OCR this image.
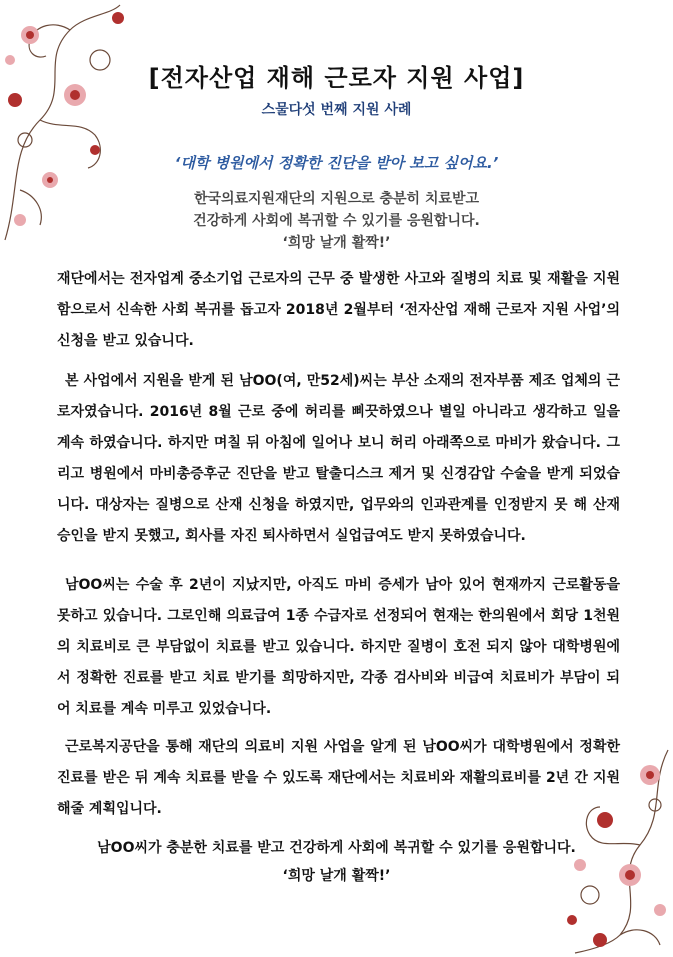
[전자산업 재해 근로자 지원 사업]
스물다섯 번째 지원 사례
‘대학 병원에서 정확한 진단을 받아 보고 싶어요.’
한국의료지원재단의 지원으로 충분히 치료받고
건강하게 사회에 복귀할 수 있기를 응원합니다.
‘희망 날개 활짝!’
재단에서는 전자업계 중소기업 근로자의 근무 중 발생한 사고와 질병의 치료 및 재활을 지원함으로서 신속한 사회 복귀를 돕고자 2018년 2월부터 ‘전자산업 재해 근로자 지원 사업’의 신청을 받고 있습니다.
본 사업에서 지원을 받게 된 남OO(여, 만52세)씨는 부산 소재의 전자부품 제조 업체의 근로자였습니다. 2016년 8월 근로 중에 허리를 삐끗하였으나 별일 아니라고 생각하고 일을 계속 하였습니다. 하지만 며칠 뒤 아침에 일어나 보니 허리 아래쪽으로 마비가 왔습니다. 그리고 병원에서 마비총증후군 진단을 받고 탈출디스크 제거 및 신경감압 수술을 받게 되었습니다. 대상자는 질병으로 산재 신청을 하였지만, 업무와의 인과관계를 인정받지 못 해 산재 승인을 받지 못했고, 회사를 자진 퇴사하면서 실업급여도 받지 못하였습니다.
남OO씨는 수술 후 2년이 지났지만, 아직도 마비 증세가 남아 있어 현재까지 근로활동을 못하고 있습니다. 그로인해 의료급여 1종 수급자로 선정되어 현재는 한의원에서 회당 1천원의 치료비로 큰 부담없이 치료를 받고 있습니다. 하지만 질병이 호전 되지 않아 대학병원에서 정확한 진료를 받고 치료 받기를 희망하지만, 각종 검사비와 비급여 치료비가 부담이 되어 치료를 계속 미루고 있었습니다.
근로복지공단을 통해 재단의 의료비 지원 사업을 알게 된 남OO씨가 대학병원에서 정확한 진료를 받은 뒤 계속 치료를 받을 수 있도록 재단에서는 치료비와 재활의료비를 2년 간 지원해줄 계획입니다.
남OO씨가 충분한 치료를 받고 건강하게 사회에 복귀할 수 있기를 응원합니다.
‘희망 날개 활짝!’
